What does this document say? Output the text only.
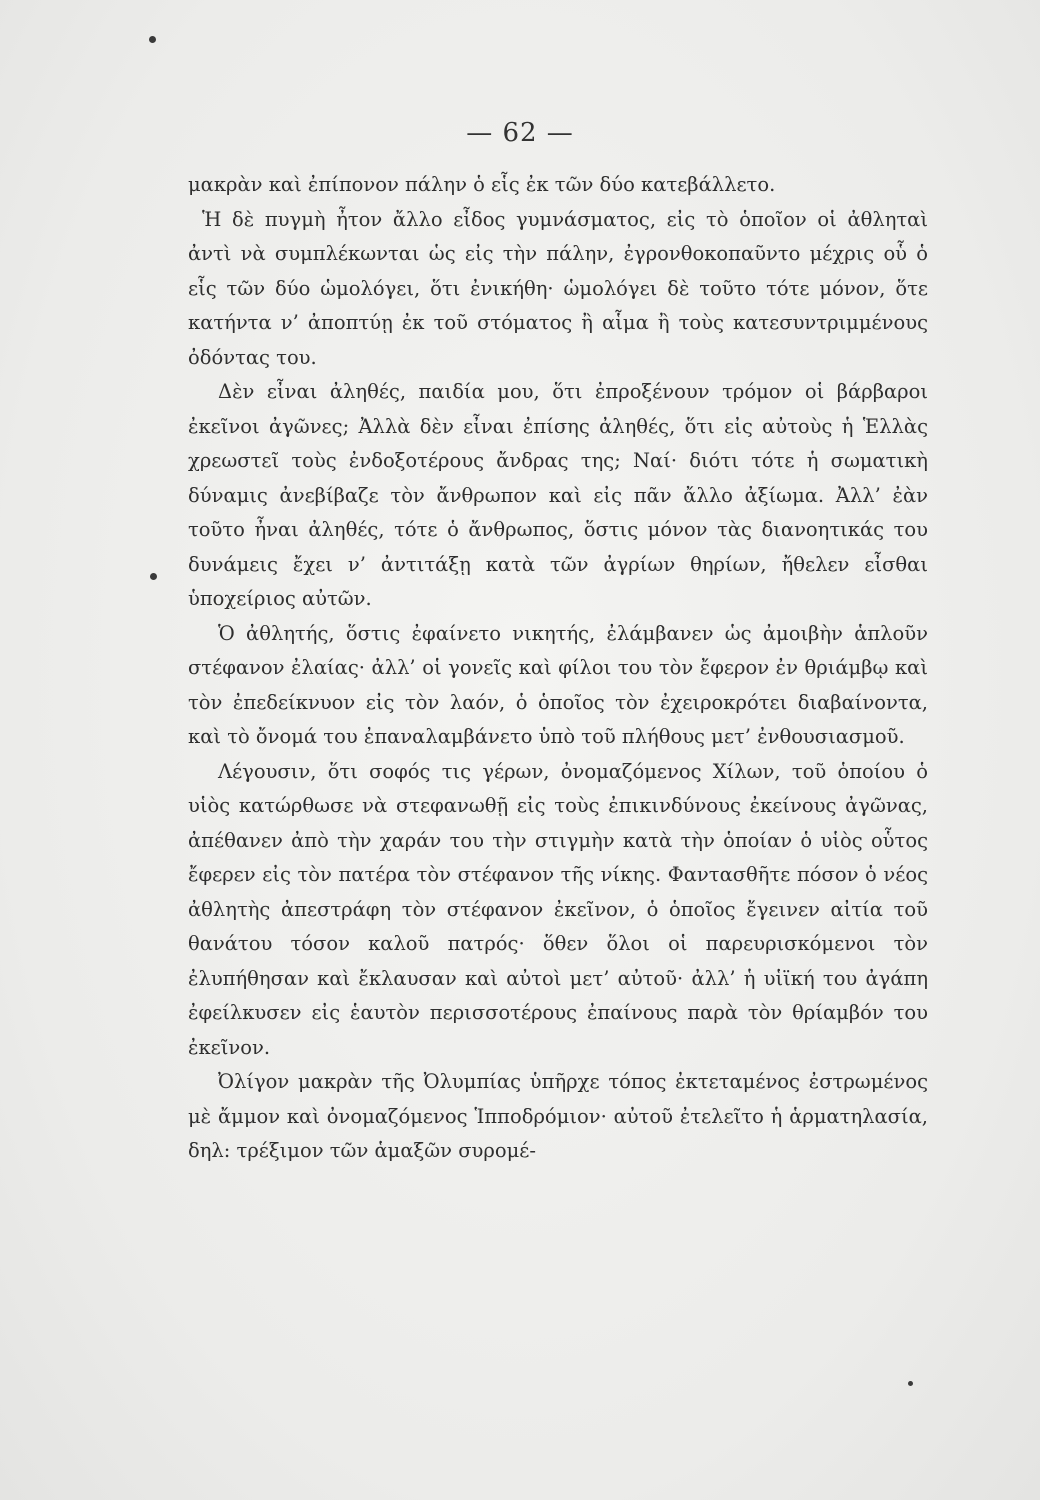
— 62 —

μακρὰν καὶ ἐπίπονον πάλην ὁ εἷς ἐκ τῶν δύο κατεβάλλετο.

Ἡ δὲ πυγμὴ ἦτον ἄλλο εἶδος γυμνάσματος, εἰς τὸ ὁποῖον οἱ ἀθληταὶ ἀντὶ νὰ συμπλέκωνται ὡς εἰς τὴν πάλην, ἐγρονθοκοπαῦντο μέχρις οὗ ὁ εἷς τῶν δύο ὡμολόγει, ὅτι ἐνικήθη· ὡμολόγει δὲ τοῦτο τότε μόνον, ὅτε κατήντα ν’ ἀποπτύῃ ἐκ τοῦ στόματος ἢ αἷμα ἢ τοὺς κατεσυντριμμένους ὀδόντας του.

Δὲν εἶναι ἀληθές, παιδία μου, ὅτι ἐπροξένουν τρόμον οἱ βάρβαροι ἐκεῖνοι ἀγῶνες; Ἀλλὰ δὲν εἶναι ἐπίσης ἀληθές, ὅτι εἰς αὐτοὺς ἡ Ἑλλὰς χρεωστεῖ τοὺς ἐνδοξοτέρους ἄνδρας της; Ναί· διότι τότε ἡ σωματικὴ δύναμις ἀνεβίβαζε τὸν ἄνθρωπον καὶ εἰς πᾶν ἄλλο ἀξίωμα. Ἀλλ’ ἐὰν τοῦτο ἦναι ἀληθές, τότε ὁ ἄνθρωπος, ὅστις μόνον τὰς διανοητικάς του δυνάμεις ἔχει ν’ ἀντιτάξῃ κατὰ τῶν ἀγρίων θηρίων, ἤθελεν εἶσθαι ὑποχείριος αὐτῶν.

Ὁ ἀθλητής, ὅστις ἐφαίνετο νικητής, ἐλάμβανεν ὡς ἀμοιβὴν ἁπλοῦν στέφανον ἐλαίας· ἀλλ’ οἱ γονεῖς καὶ φίλοι του τὸν ἔφερον ἐν θριάμβῳ καὶ τὸν ἐπεδείκνυον εἰς τὸν λαόν, ὁ ὁποῖος τὸν ἐχειροκρότει διαβαίνοντα, καὶ τὸ ὄνομά του ἐπαναλαμβάνετο ὑπὸ τοῦ πλήθους μετ’ ἐνθουσιασμοῦ.

Λέγουσιν, ὅτι σοφός τις γέρων, ὀνομαζόμενος Χίλων, τοῦ ὁποίου ὁ υἱὸς κατώρθωσε νὰ στεφανωθῇ εἰς τοὺς ἐπικινδύνους ἐκείνους ἀγῶνας, ἀπέθανεν ἀπὸ τὴν χαράν του τὴν στιγμὴν κατὰ τὴν ὁποίαν ὁ υἱὸς οὗτος ἔφερεν εἰς τὸν πατέρα τὸν στέφανον τῆς νίκης. Φαντασθῆτε πόσον ὁ νέος ἀθλητὴς ἀπεστράφη τὸν στέφανον ἐκεῖνον, ὁ ὁποῖος ἔγεινεν αἰτία τοῦ θανάτου τόσον καλοῦ πατρός· ὅθεν ὅλοι οἱ παρευρισκόμενοι τὸν ἐλυπήθησαν καὶ ἔκλαυσαν καὶ αὐτοὶ μετ’ αὐτοῦ· ἀλλ’ ἡ υἱϊκή του ἀγάπη ἐφείλκυσεν εἰς ἑαυτὸν περισσοτέρους ἐπαίνους παρὰ τὸν θρίαμβόν του ἐκεῖνον.

Ὀλίγον μακρὰν τῆς Ὀλυμπίας ὑπῆρχε τόπος ἐκτεταμένος ἐστρωμένος μὲ ἄμμον καὶ ὀνομαζόμενος Ἱπποδρόμιον· αὐτοῦ ἐτελεῖτο ἡ ἁρματηλασία, δηλ: τρέξιμον τῶν ἁμαξῶν συρομέ-
